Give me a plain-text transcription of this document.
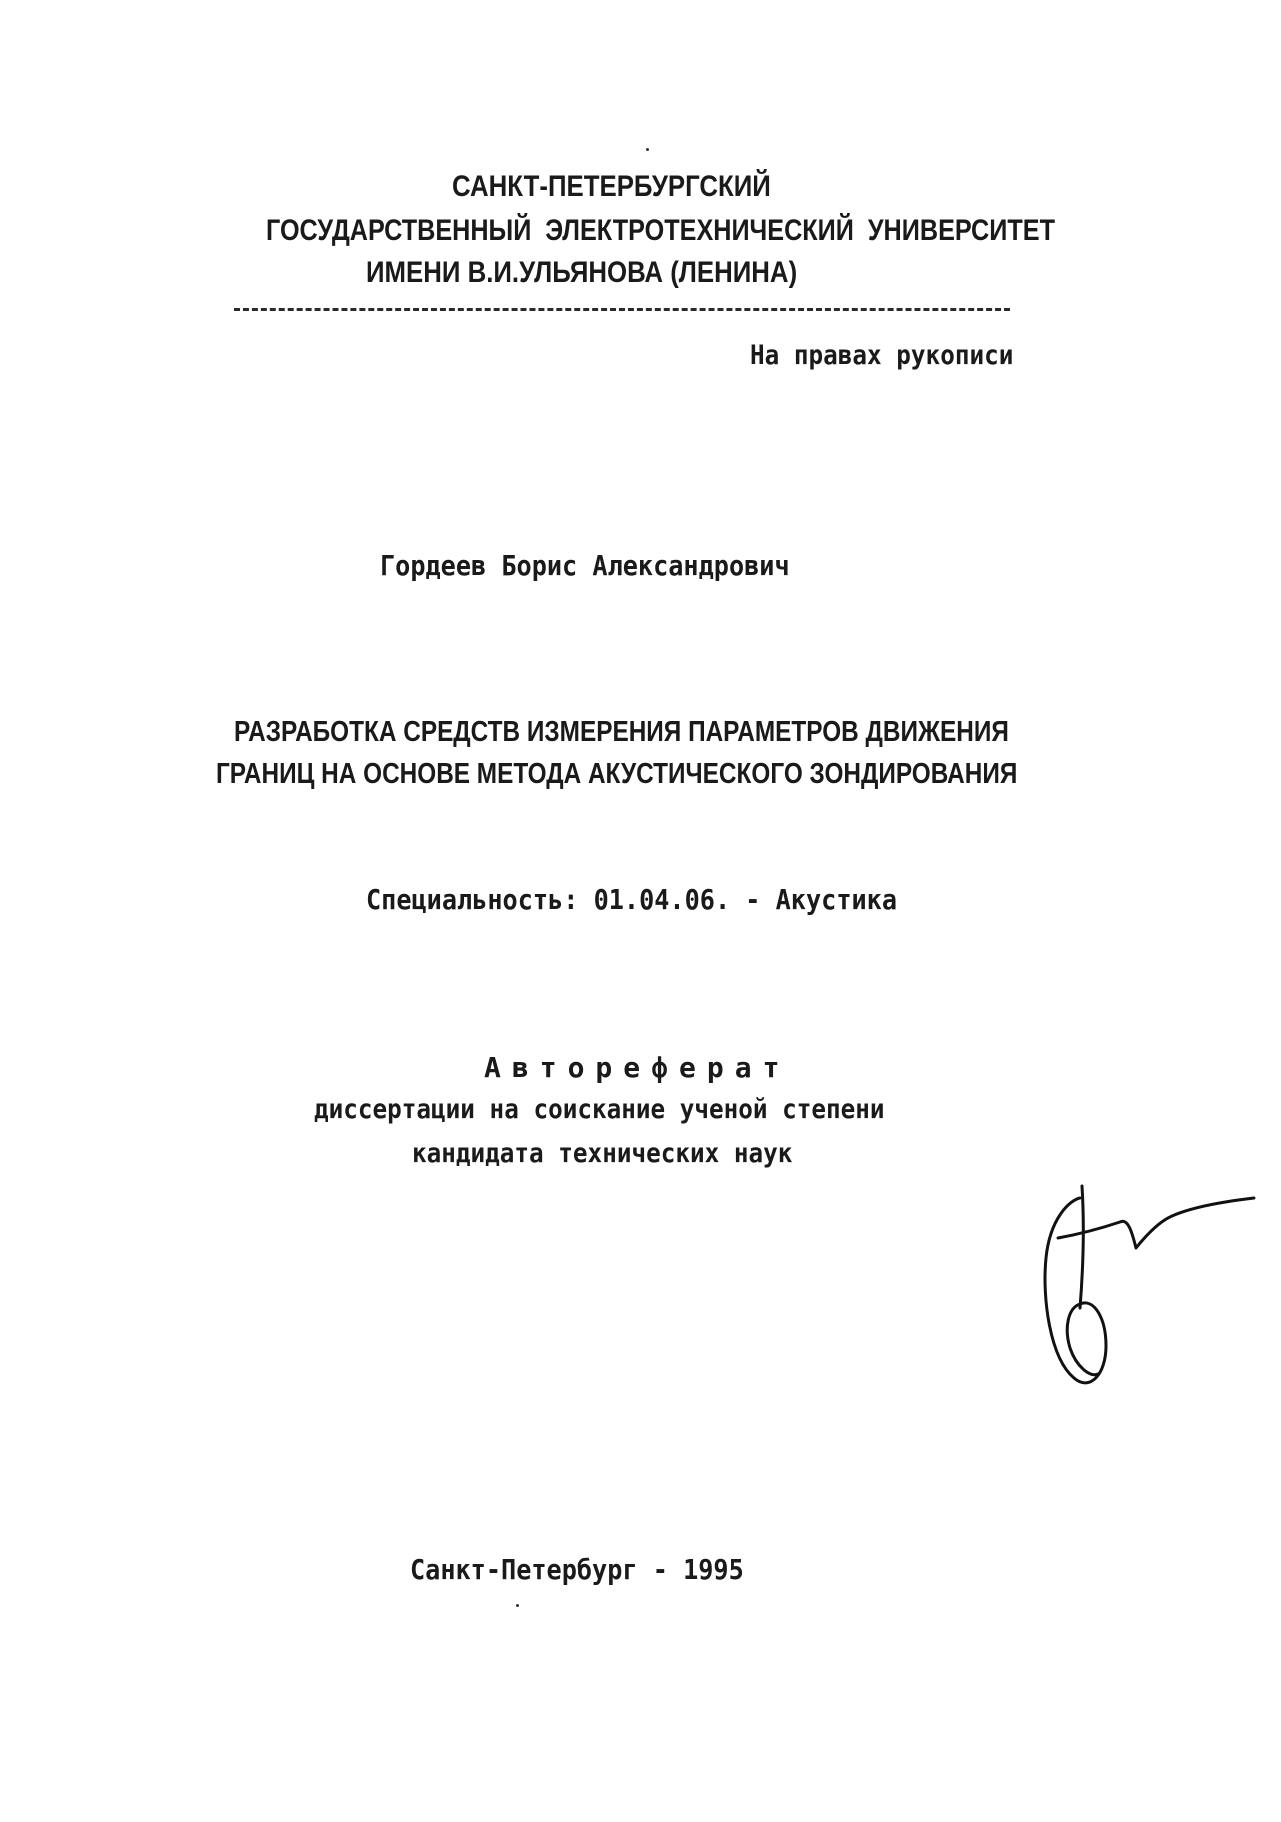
САНКТ-ПЕТЕРБУРГСКИЙ
ГОСУДАРСТВЕННЫЙ  ЭЛЕКТРОТЕХНИЧЕСКИЙ  УНИВЕРСИТЕТ
ИМЕНИ В.И.УЛЬЯНОВА (ЛЕНИНА)
На правах рукописи
Гордеев Борис Александрович
РАЗРАБОТКА СРЕДСТВ ИЗМЕРЕНИЯ ПАРАМЕТРОВ ДВИЖЕНИЯ
ГРАНИЦ НА ОСНОВЕ МЕТОДА АКУСТИЧЕСКОГО ЗОНДИРОВАНИЯ
Специальность: 01.04.06. - Акустика
Автореферат
диссертации на соискание ученой степени
кандидата технических наук
Санкт-Петербург - 1995
